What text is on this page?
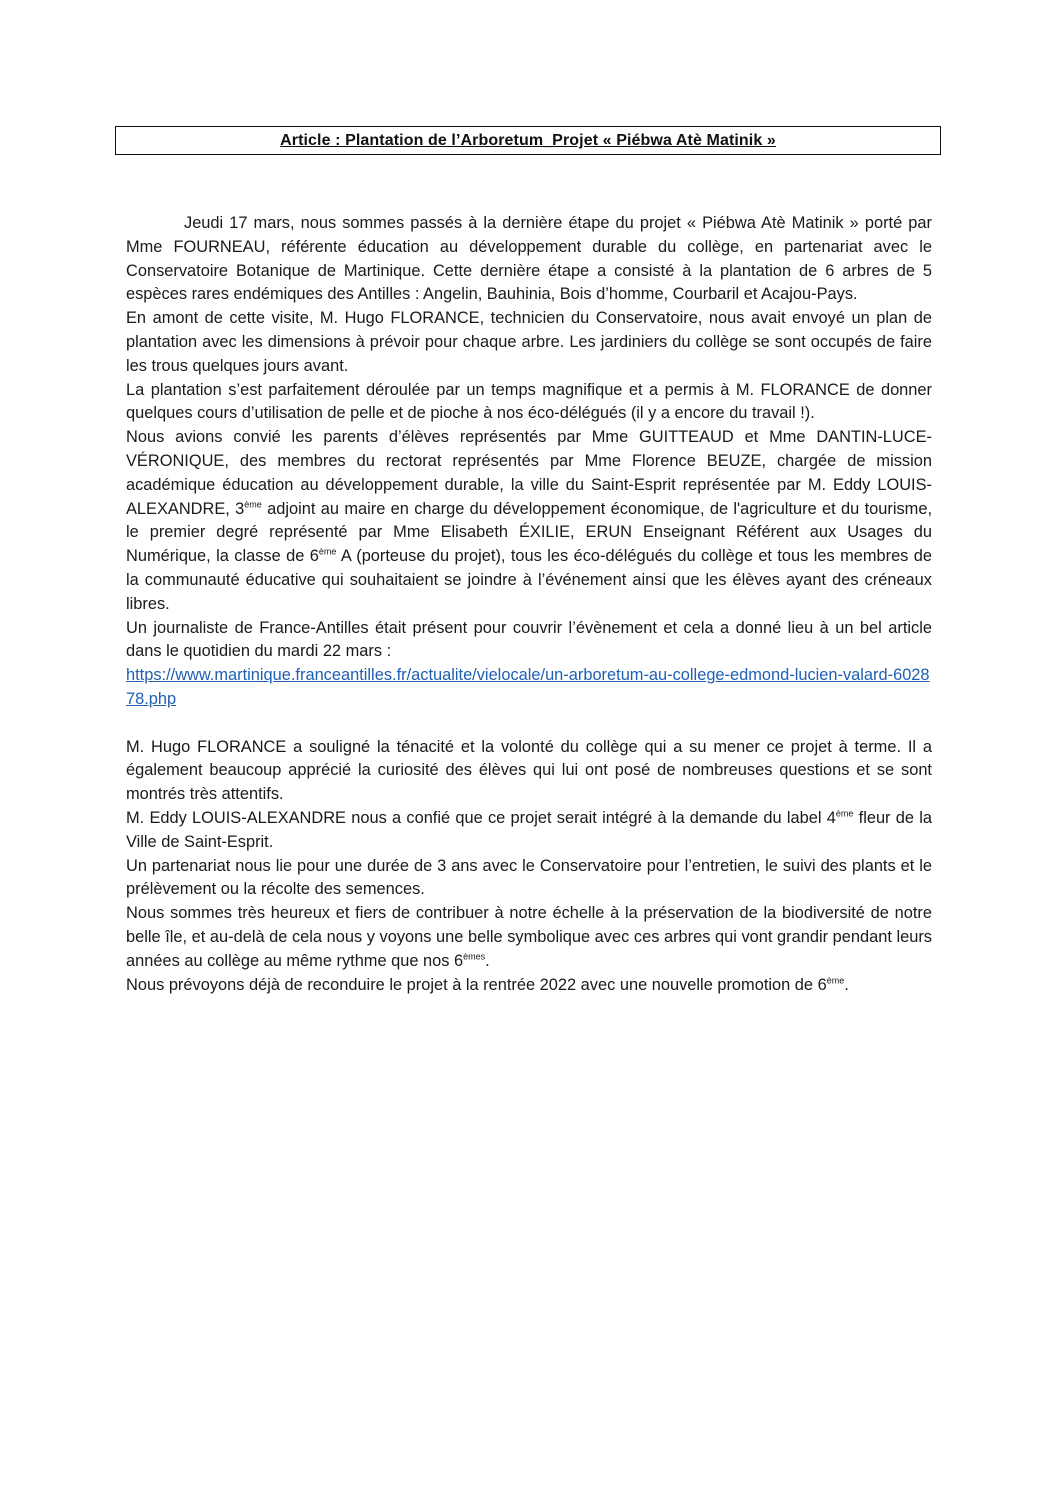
Article : Plantation de l’Arboretum_Projet « Piébwa Atè Matinik »

Jeudi 17 mars, nous sommes passés à la dernière étape du projet « Piébwa Atè Matinik » porté par Mme FOURNEAU, référente éducation au développement durable du collège, en partenariat avec le Conservatoire Botanique de Martinique. Cette dernière étape a consisté à la plantation de 6 arbres de 5 espèces rares endémiques des Antilles : Angelin, Bauhinia, Bois d’homme, Courbaril et Acajou-Pays.

En amont de cette visite, M. Hugo FLORANCE, technicien du Conservatoire, nous avait envoyé un plan de plantation avec les dimensions à prévoir pour chaque arbre. Les jardiniers du collège se sont occupés de faire les trous quelques jours avant.

La plantation s’est parfaitement déroulée par un temps magnifique et a permis à M. FLORANCE de donner quelques cours d’utilisation de pelle et de pioche à nos éco-délégués (il y a encore du travail !).

Nous avions convié les parents d’élèves représentés par Mme GUITTEAUD et Mme DANTIN-LUCE-VÉRONIQUE, des membres du rectorat représentés par Mme Florence BEUZE, chargée de mission académique éducation au développement durable, la ville du Saint-Esprit représentée par M. Eddy LOUIS-ALEXANDRE, 3ème adjoint au maire en charge du développement économique, de l'agriculture et du tourisme, le premier degré représenté par Mme Elisabeth ÉXILIE, ERUN Enseignant Référent aux Usages du Numérique, la classe de 6ème A (porteuse du projet), tous les éco-délégués du collège et tous les membres de la communauté éducative qui souhaitaient se joindre à l’événement ainsi que les élèves ayant des créneaux libres.

Un journaliste de France-Antilles était présent pour couvrir l’évènement et cela a donné lieu à un bel article dans le quotidien du mardi 22 mars :

https://www.martinique.franceantilles.fr/actualite/vielocale/un-arboretum-au-college-edmond-lucien-valard-602878.php

M. Hugo FLORANCE a souligné la ténacité et la volonté du collège qui a su mener ce projet à terme. Il a également beaucoup apprécié la curiosité des élèves qui lui ont posé de nombreuses questions et se sont montrés très attentifs.

M. Eddy LOUIS-ALEXANDRE nous a confié que ce projet serait intégré à la demande du label 4ème fleur de la Ville de Saint-Esprit.

Un partenariat nous lie pour une durée de 3 ans avec le Conservatoire pour l’entretien, le suivi des plants et le prélèvement ou la récolte des semences.

Nous sommes très heureux et fiers de contribuer à notre échelle à la préservation de la biodiversité de notre belle île, et au-delà de cela nous y voyons une belle symbolique avec ces arbres qui vont grandir pendant leurs années au collège au même rythme que nos 6èmes.

Nous prévoyons déjà de reconduire le projet à la rentrée 2022 avec une nouvelle promotion de 6ème.
